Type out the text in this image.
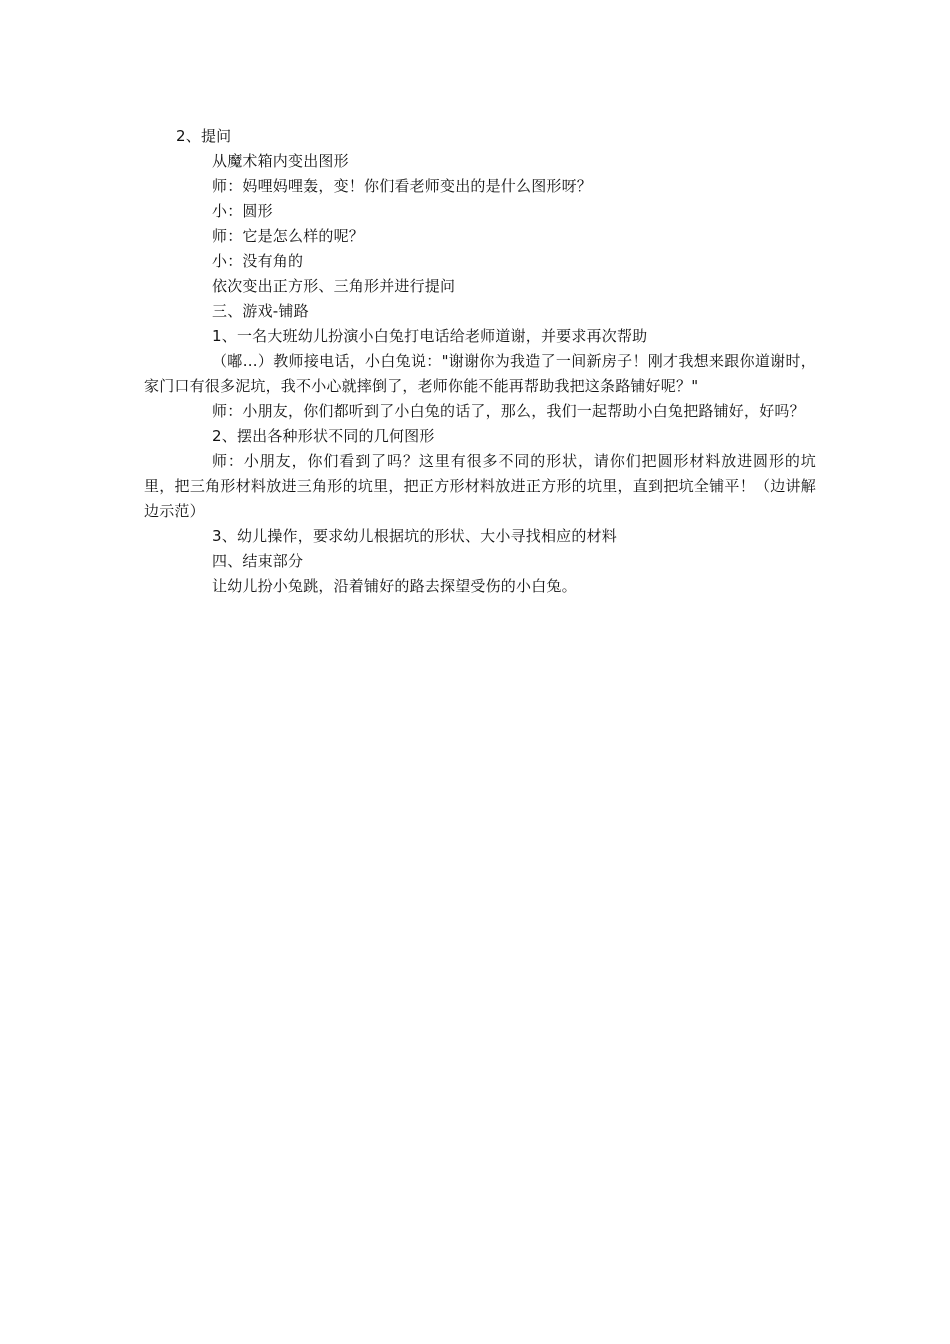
2、提问

从魔术箱内变出图形

师：妈哩妈哩轰，变！你们看老师变出的是什么图形呀？

小：圆形

师：它是怎么样的呢？

小：没有角的

依次变出正方形、三角形并进行提问

三、游戏-铺路

1、一名大班幼儿扮演小白兔打电话给老师道谢，并要求再次帮助

（嘟…）教师接电话，小白兔说："谢谢你为我造了一间新房子！刚才我想来跟你道谢时，家门口有很多泥坑，我不小心就摔倒了，老师你能不能再帮助我把这条路铺好呢？"

师：小朋友，你们都听到了小白兔的话了，那么，我们一起帮助小白兔把路铺好，好吗？

2、摆出各种形状不同的几何图形

师：小朋友，你们看到了吗？这里有很多不同的形状，请你们把圆形材料放进圆形的坑里，把三角形材料放进三角形的坑里，把正方形材料放进正方形的坑里，直到把坑全铺平！（边讲解边示范）

3、幼儿操作，要求幼儿根据坑的形状、大小寻找相应的材料

四、结束部分

让幼儿扮小兔跳，沿着铺好的路去探望受伤的小白兔。
